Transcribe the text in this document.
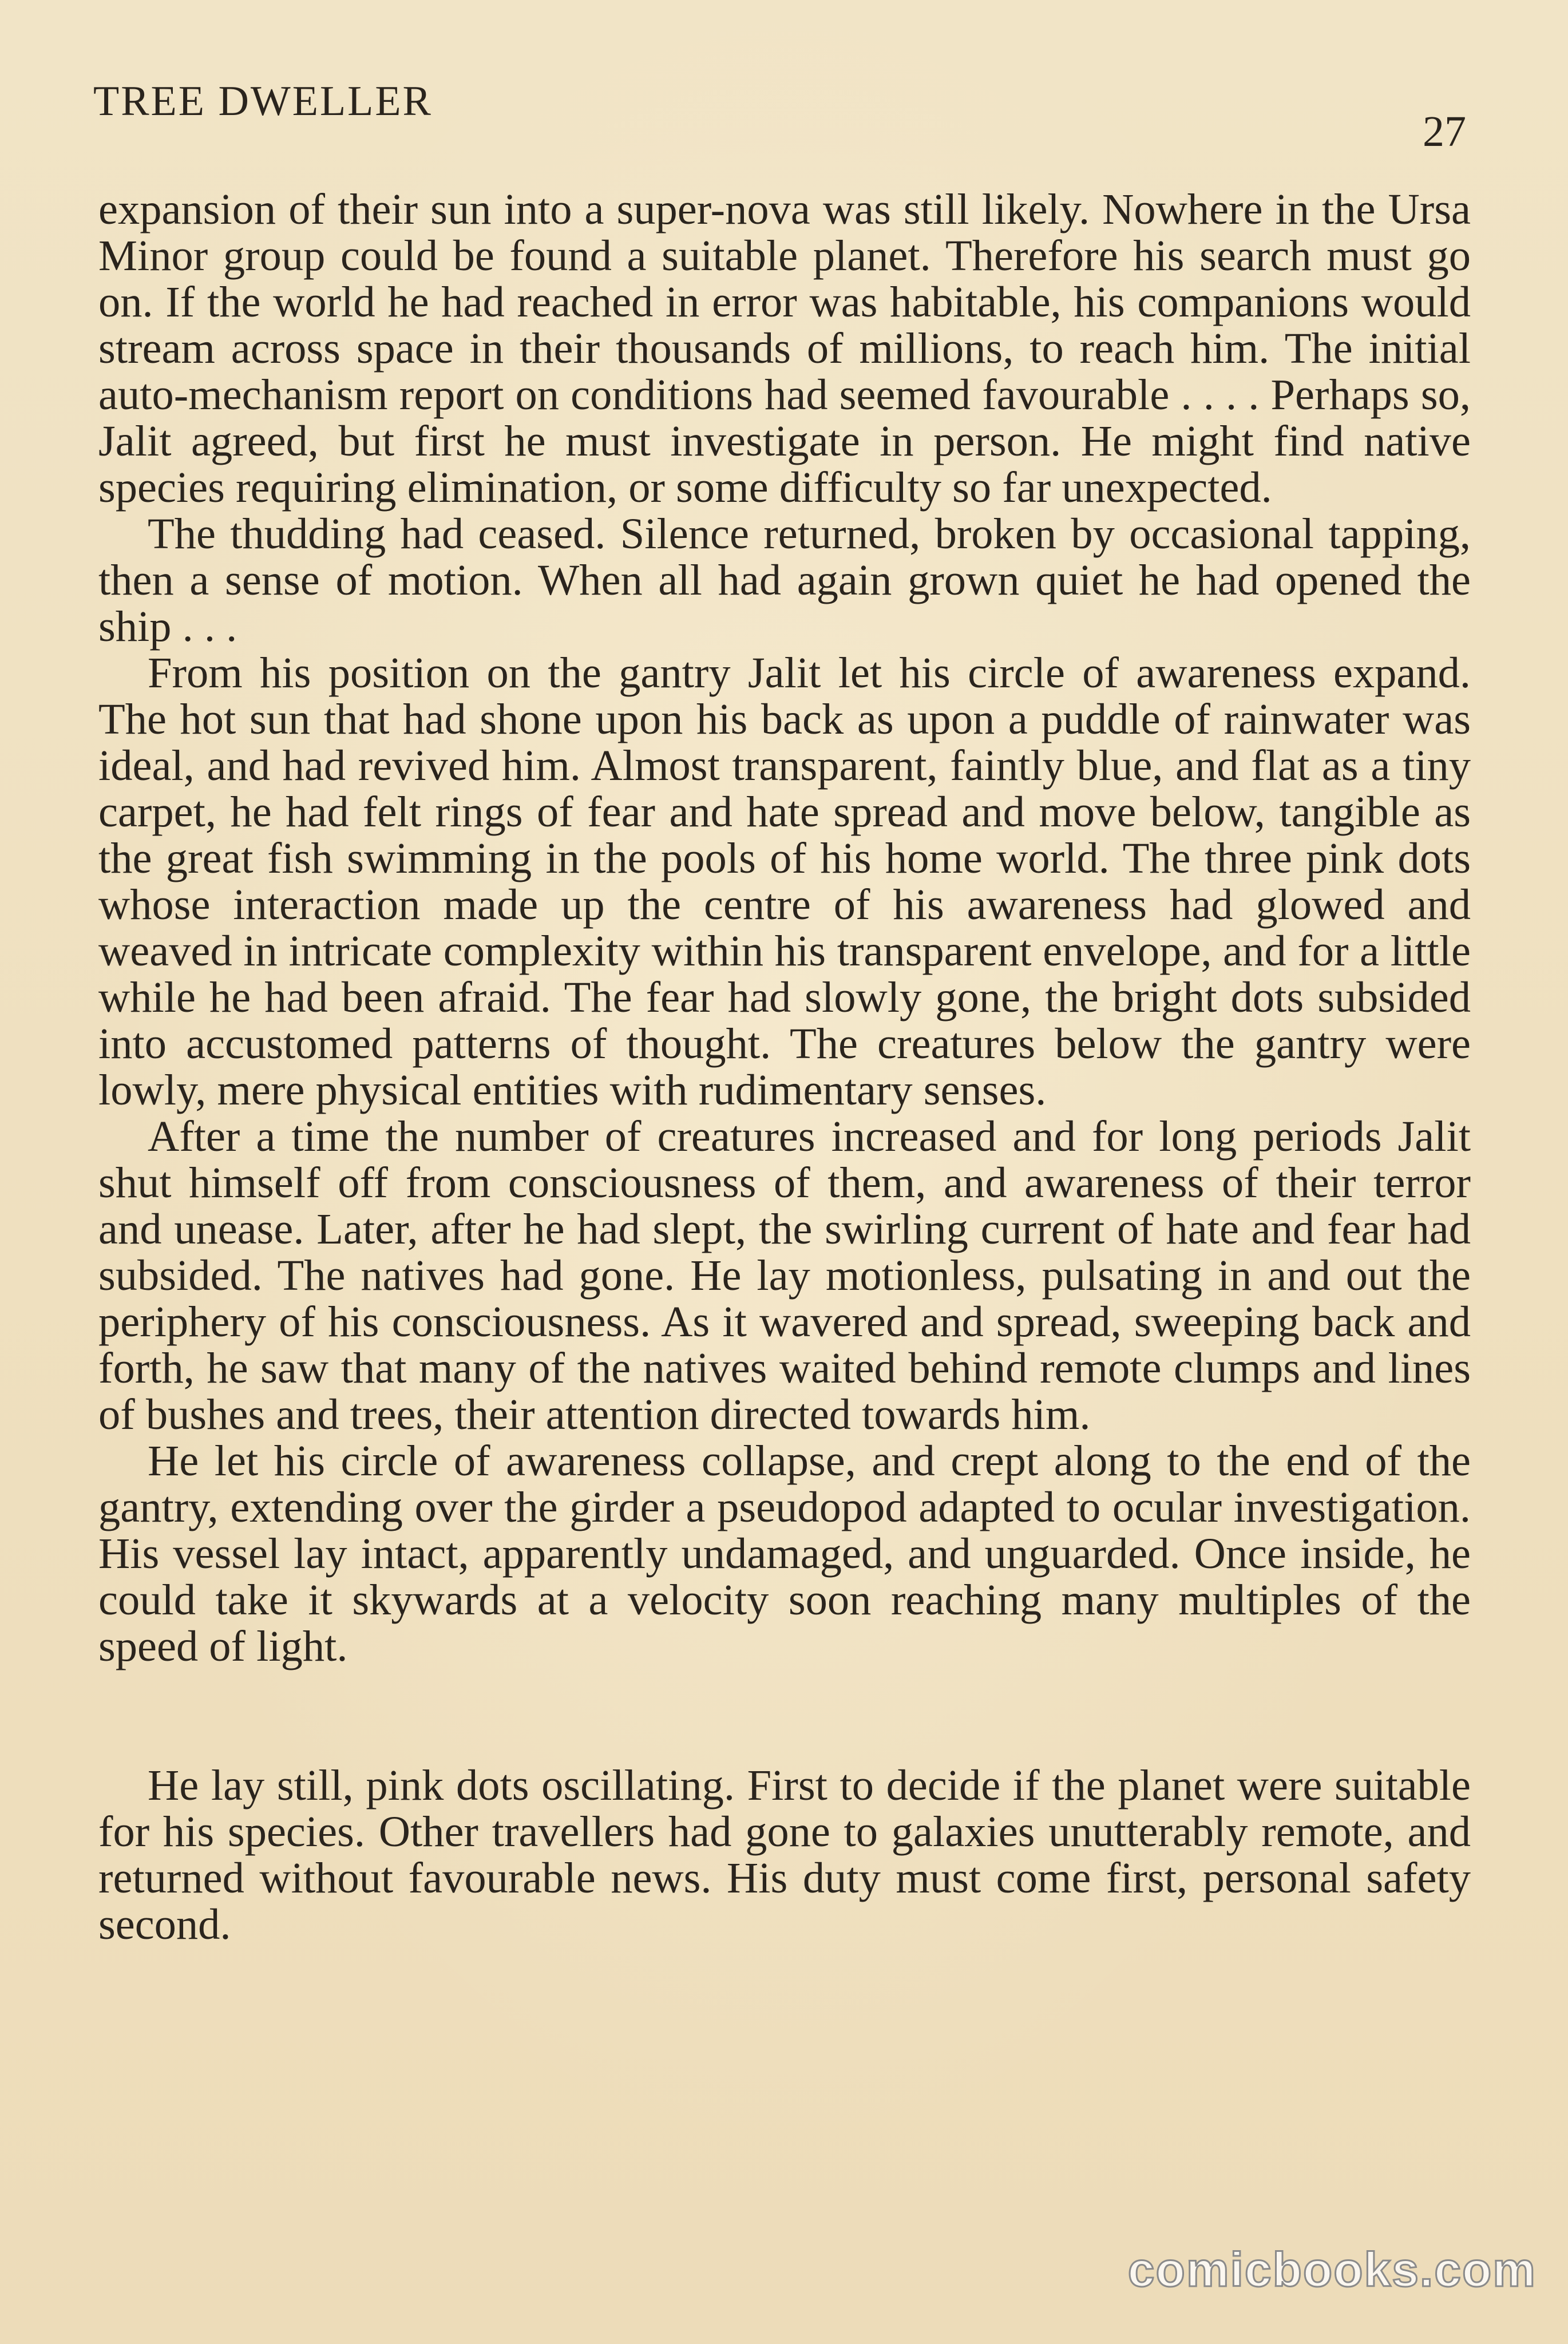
TREE DWELLER
27

expansion of their sun into a super-nova was still likely. Nowhere in the Ursa Minor group could be found a suitable planet. Therefore his search must go on. If the world he had reached in error was habitable, his companions would stream across space in their thousands of millions, to reach him. The initial auto-mechanism report on conditions had seemed favourable . . . . Perhaps so, Jalit agreed, but first he must investigate in person. He might find native species requiring elimination, or some difficulty so far unexpected.

The thudding had ceased. Silence returned, broken by occasional tapping, then a sense of motion. When all had again grown quiet he had opened the ship . . .

From his position on the gantry Jalit let his circle of awareness expand. The hot sun that had shone upon his back as upon a puddle of rainwater was ideal, and had revived him. Almost transparent, faintly blue, and flat as a tiny carpet, he had felt rings of fear and hate spread and move below, tangible as the great fish swimming in the pools of his home world. The three pink dots whose interaction made up the centre of his awareness had glowed and weaved in intricate complexity within his transparent envelope, and for a little while he had been afraid. The fear had slowly gone, the bright dots subsided into accustomed patterns of thought. The creatures below the gantry were lowly, mere physical entities with rudimentary senses.

After a time the number of creatures increased and for long periods Jalit shut himself off from consciousness of them, and awareness of their terror and unease. Later, after he had slept, the swirling current of hate and fear had subsided. The natives had gone. He lay motionless, pulsating in and out the periphery of his consciousness. As it wavered and spread, sweeping back and forth, he saw that many of the natives waited behind remote clumps and lines of bushes and trees, their attention directed towards him.

He let his circle of awareness collapse, and crept along to the end of the gantry, extending over the girder a pseudopod adapted to ocular investigation. His vessel lay intact, apparently undamaged, and unguarded. Once inside, he could take it skywards at a velocity soon reaching many multiples of the speed of light.

He lay still, pink dots oscillating. First to decide if the planet were suitable for his species. Other travellers had gone to galaxies unutterably remote, and returned without favourable news. His duty must come first, personal safety second.

comicbooks.com
